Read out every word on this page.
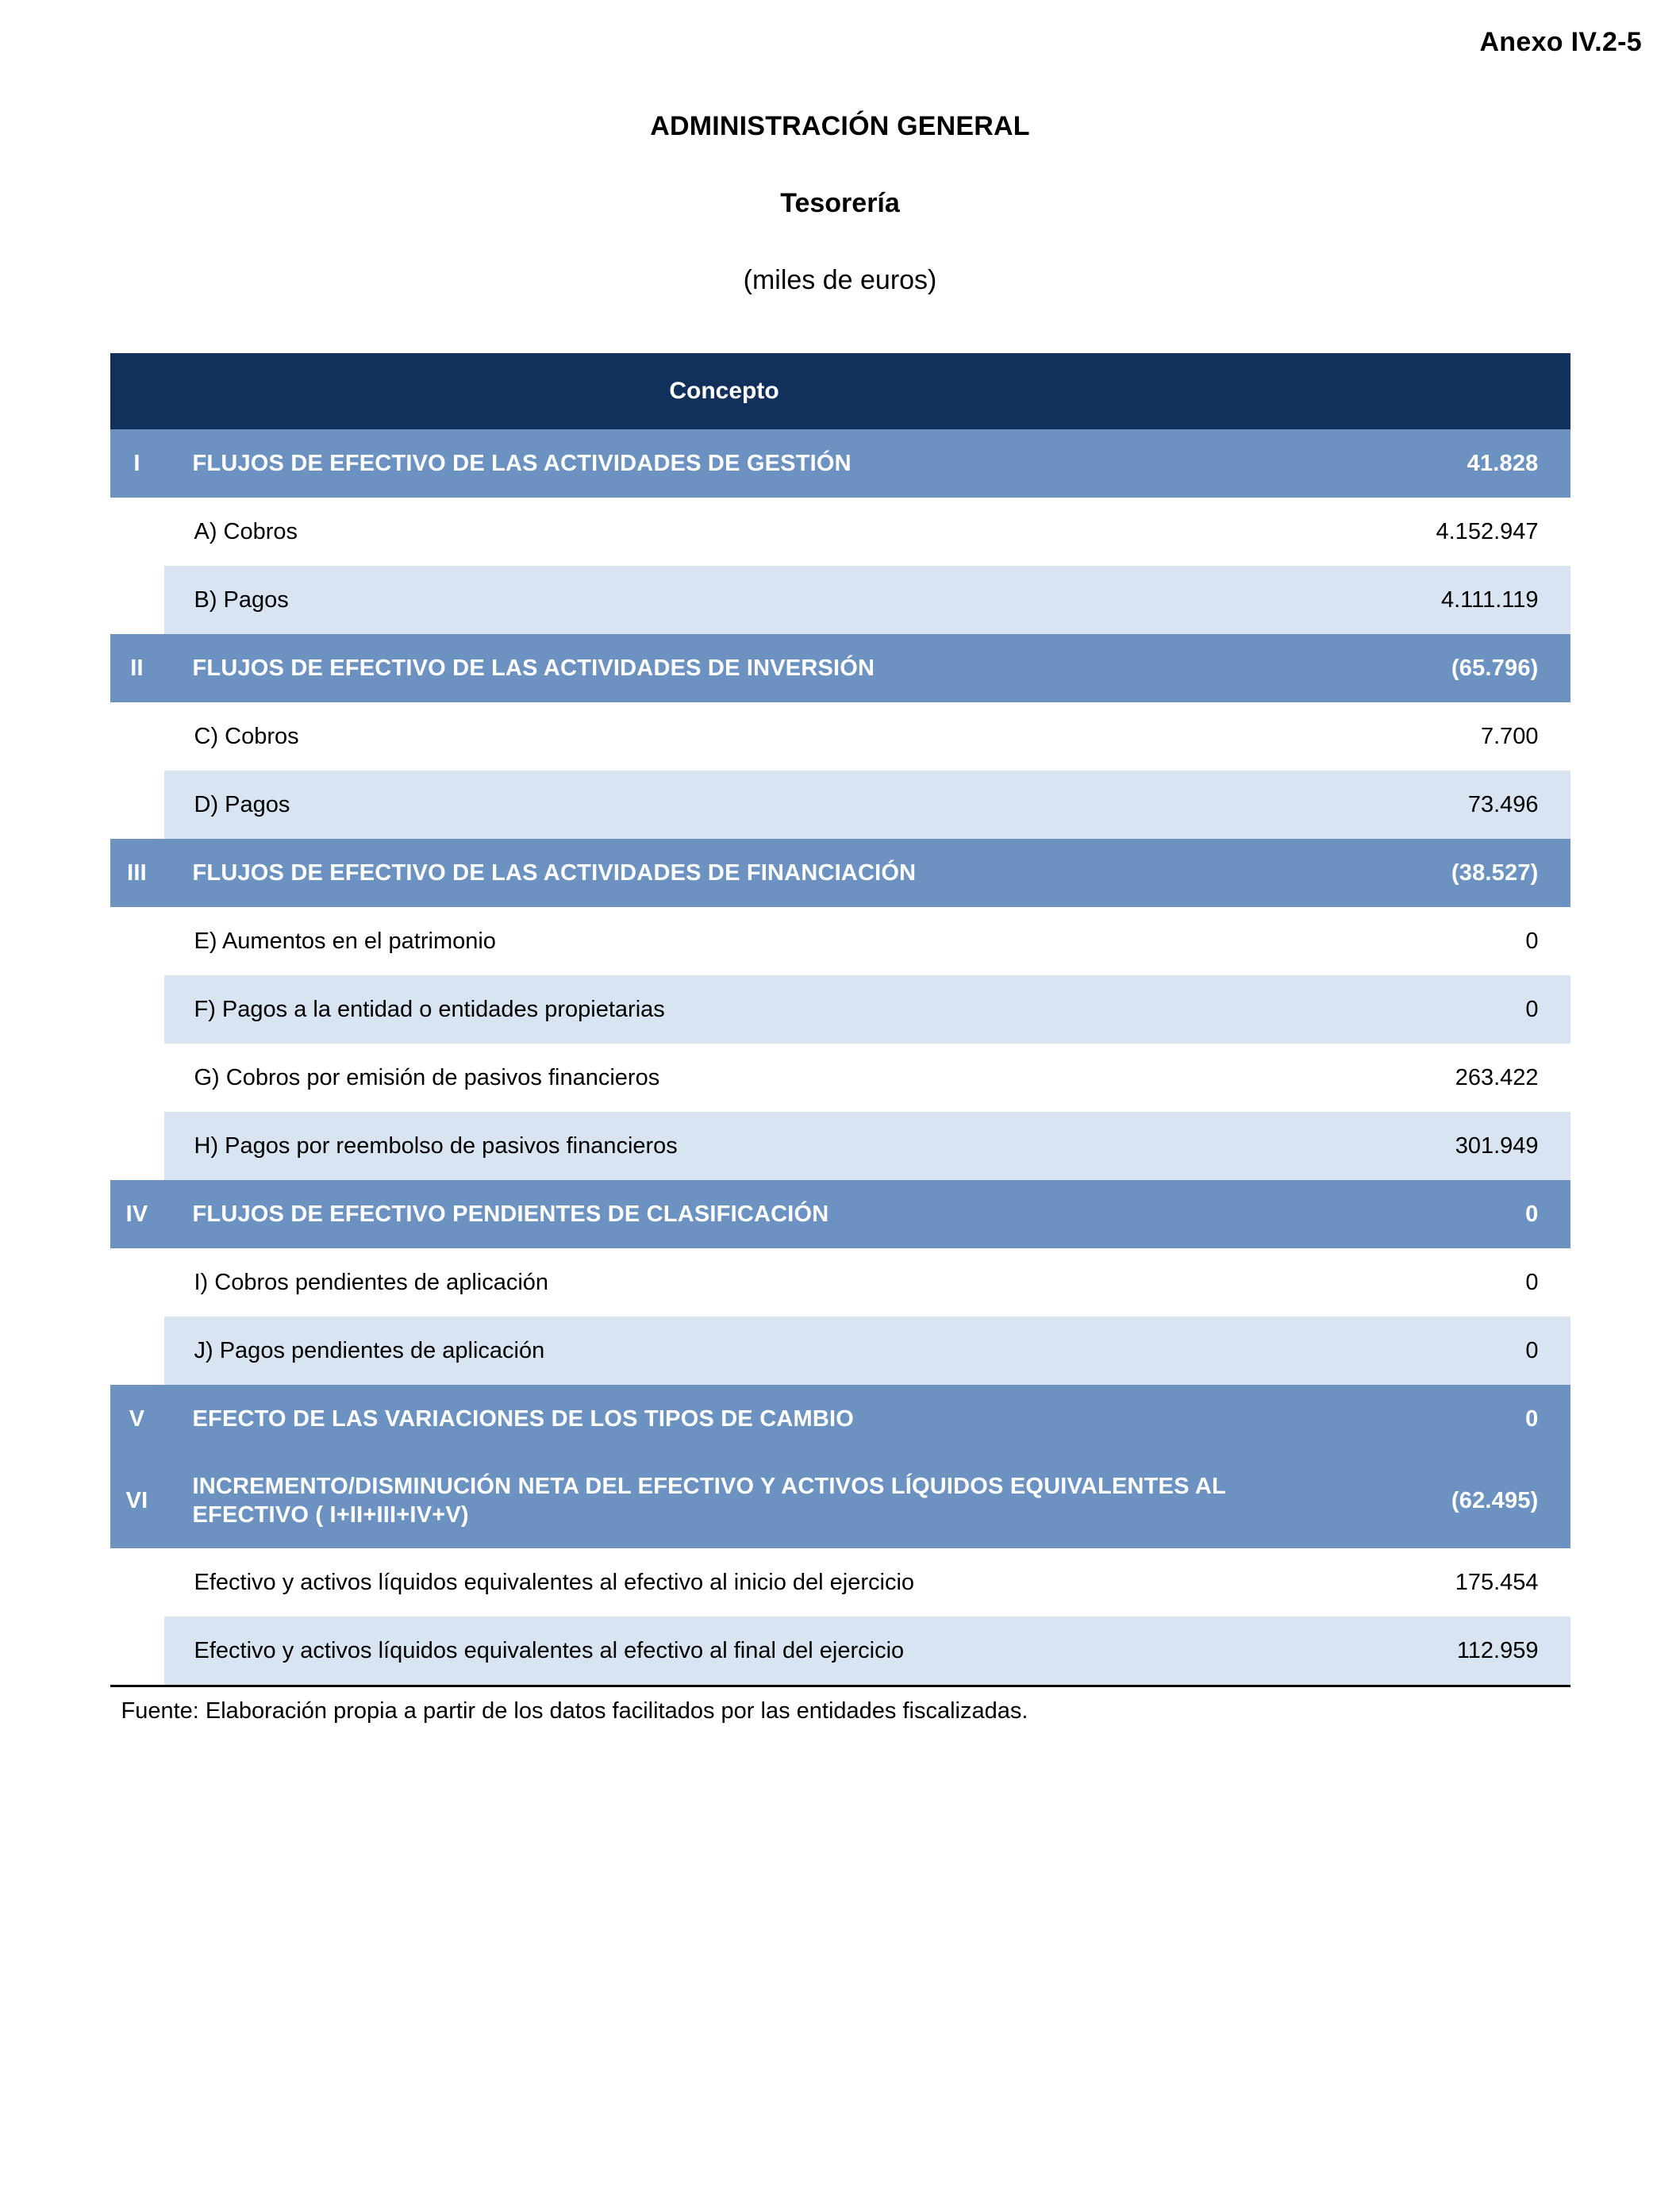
Anexo IV.2-5
ADMINISTRACIÓN GENERAL
Tesorería

(miles de euros)

Concepto		
I	FLUJOS DE EFECTIVO DE LAS ACTIVIDADES DE GESTIÓN	41.828
	A) Cobros	4.152.947
	B) Pagos	4.111.119
II	FLUJOS DE EFECTIVO DE LAS ACTIVIDADES DE INVERSIÓN	(65.796)
	C) Cobros	7.700
	D) Pagos	73.496
III	FLUJOS DE EFECTIVO DE LAS ACTIVIDADES DE FINANCIACIÓN	(38.527)
	E) Aumentos en el patrimonio	0
	F) Pagos a la entidad o entidades propietarias	0
	G) Cobros por emisión de pasivos financieros	263.422
	H) Pagos por reembolso de pasivos financieros	301.949
IV	FLUJOS DE EFECTIVO PENDIENTES DE CLASIFICACIÓN	0
	I) Cobros pendientes de aplicación	0
	J) Pagos pendientes de aplicación	0
V	EFECTO DE LAS VARIACIONES DE LOS TIPOS DE CAMBIO	0
VI	INCREMENTO/DISMINUCIÓN NETA DEL EFECTIVO Y ACTIVOS LÍQUIDOS EQUIVALENTES AL EFECTIVO ( I+II+III+IV+V)	(62.495)
	Efectivo y activos líquidos equivalentes al efectivo al inicio del ejercicio	175.454
	Efectivo y activos líquidos equivalentes al efectivo al final del ejercicio	112.959
Fuente: Elaboración propia a partir de los datos facilitados por las entidades fiscalizadas.
